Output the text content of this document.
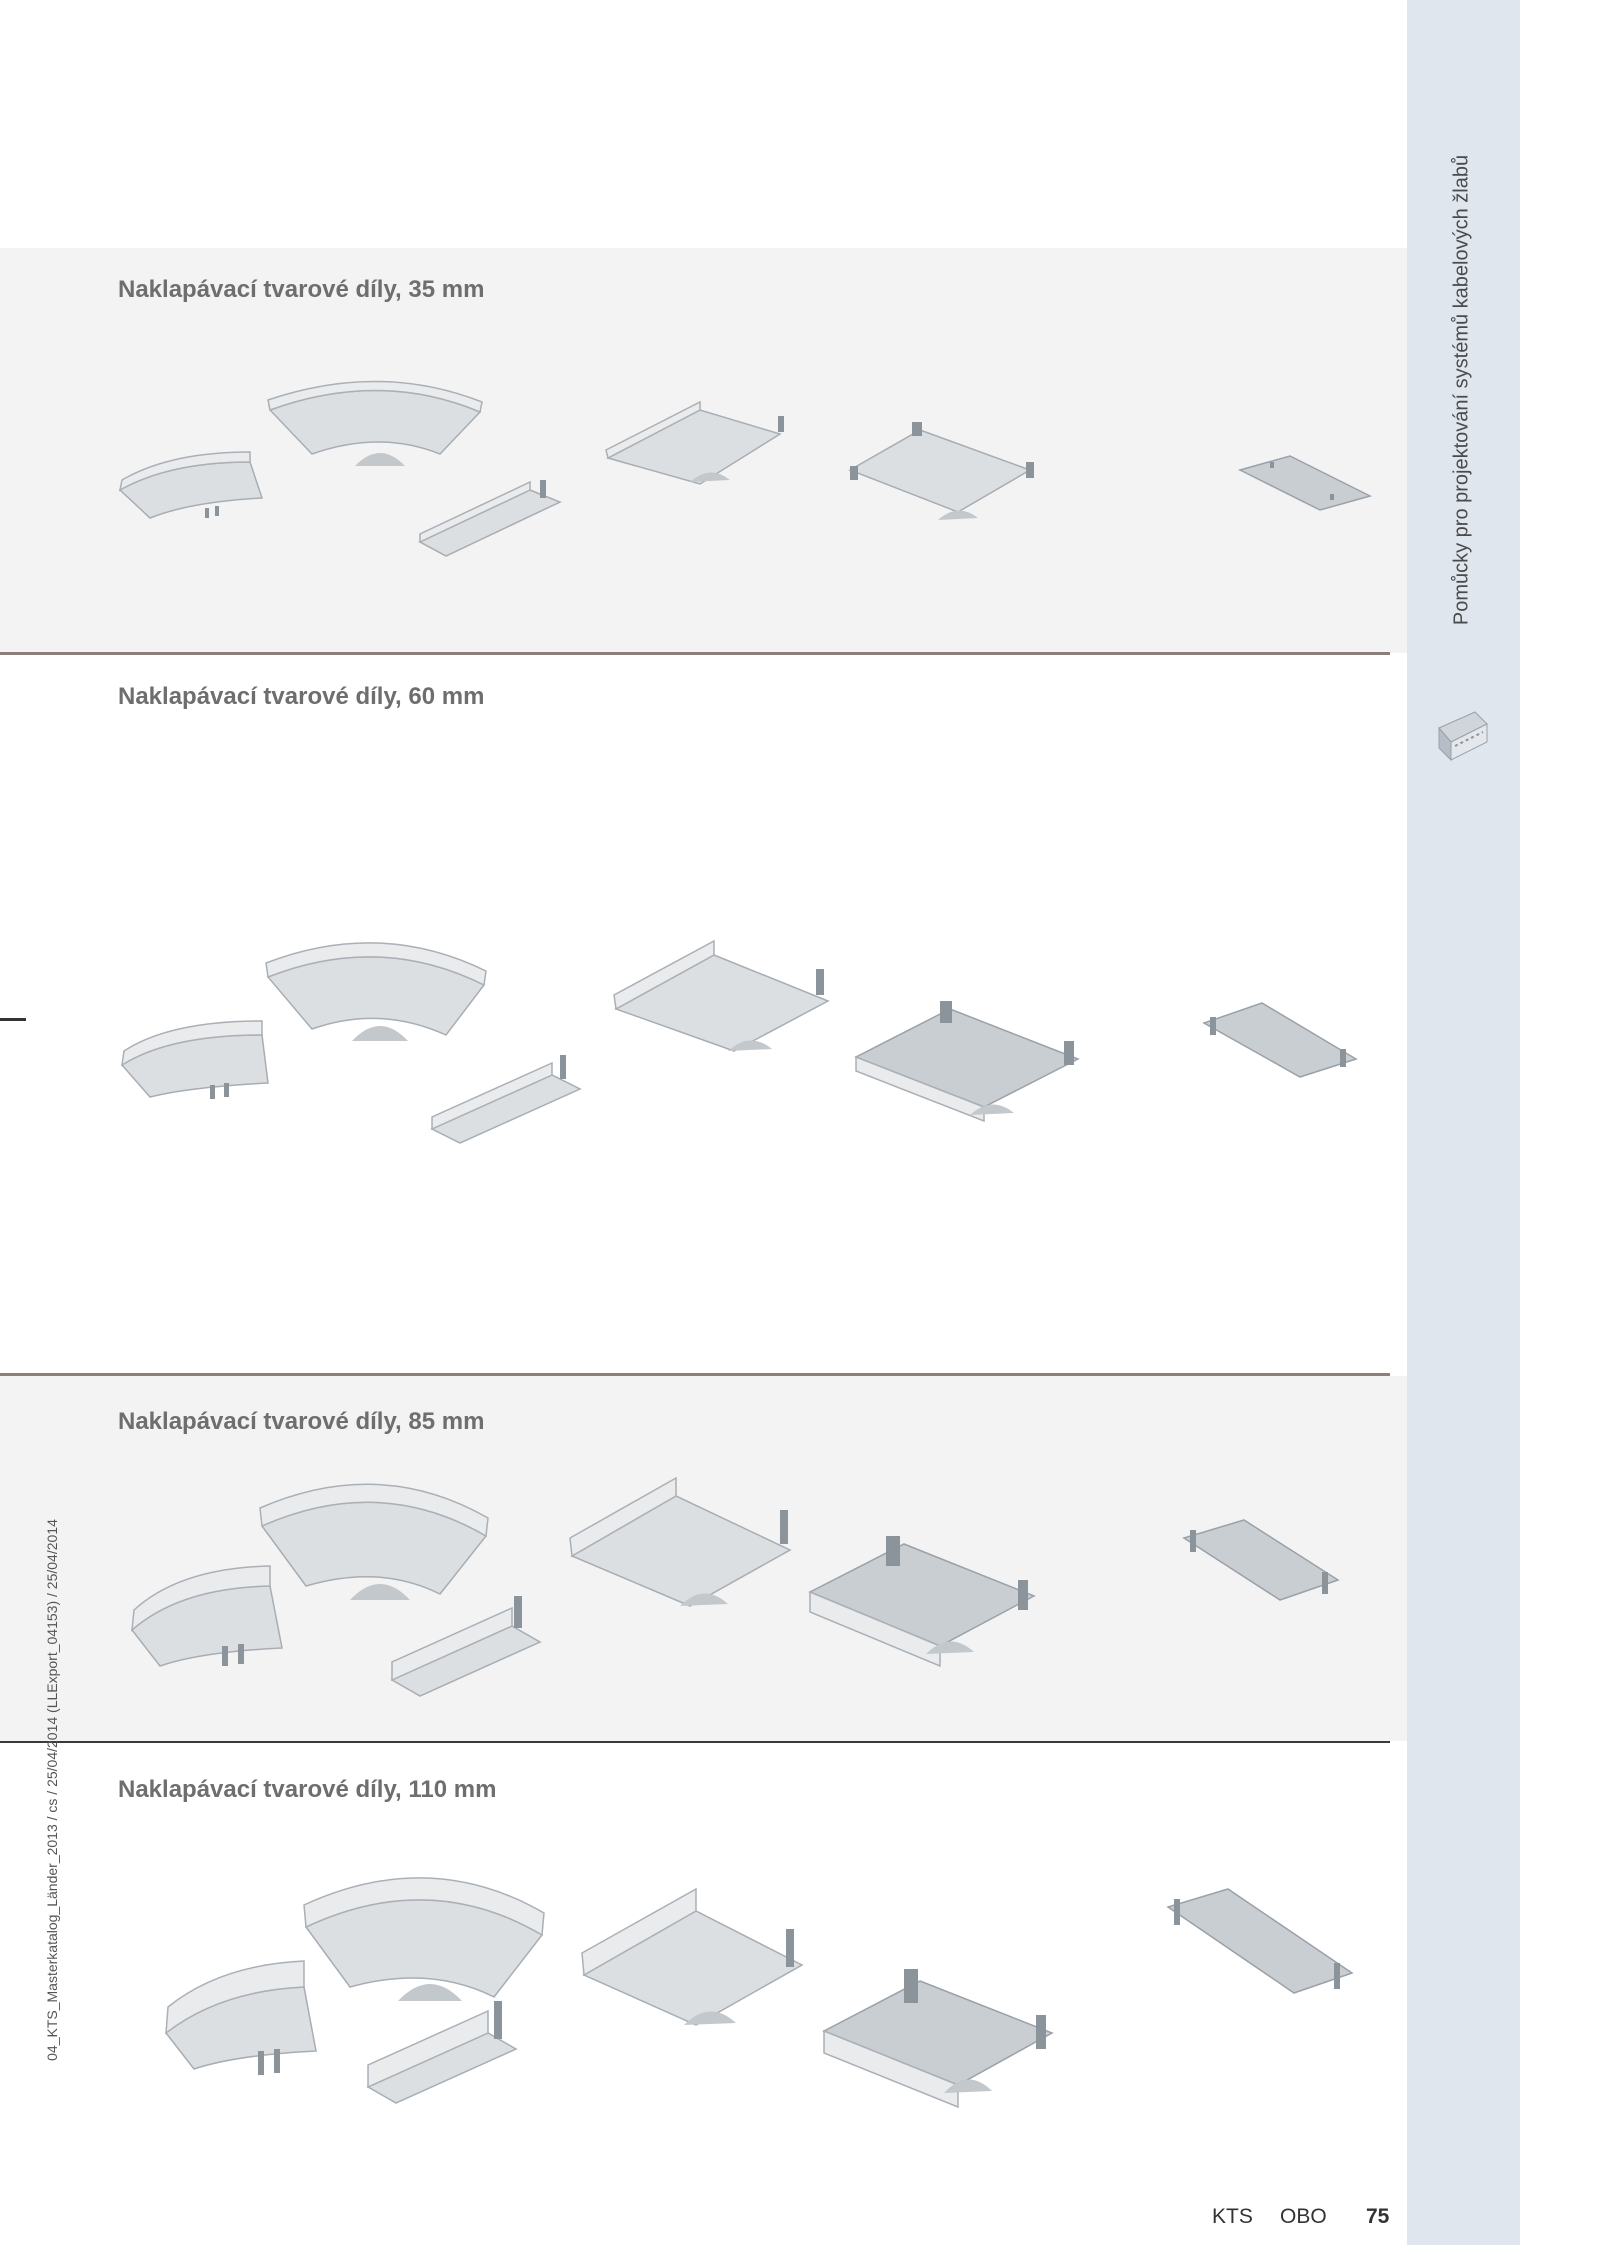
Pomůcky pro projektování systémů kabelových žlabů
04_KTS_Masterkatalog_Länder_2013 / cs / 25/04/2014 (LLExport_04153) / 25/04/2014
Naklapávací tvarové díly, 35 mm
Naklapávací tvarové díly, 60 mm
Naklapávací tvarové díly, 85 mm
Naklapávací tvarové díly, 110 mm
KTS OBO 75
